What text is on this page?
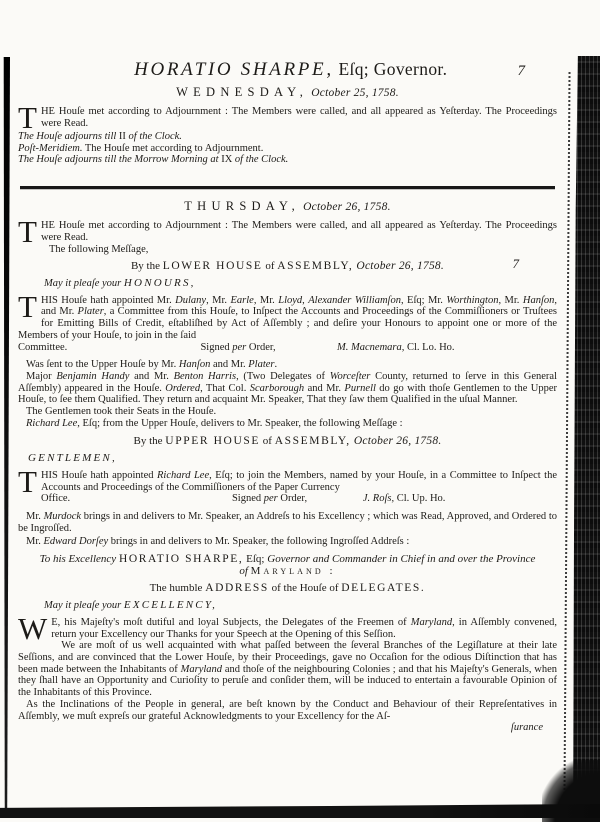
HORATIO SHARPE, Eſq; Governor.	7
WEDNESDAY, October 25, 1758.
THE Houſe met according to Adjournment : The Members were called, and all appeared as Yeſterday. The Proceedings were Read.
The Houſe adjourns till II of the Clock.
Poſt-Meridiem. The Houſe met according to Adjournment.
The Houſe adjourns till the Morrow Morning at IX of the Clock.
THURSDAY, October 26, 1758.
THE Houſe met according to Adjournment : The Members were called, and all appeared as Yeſterday. The Proceedings were Read.
The following Meſſage,
By the LOWER HOUSE of ASSEMBLY, October 26, 1758.	7
May it pleaſe your HONOURS,
THIS Houſe hath appointed Mr. Dulany, Mr. Earle, Mr. Lloyd, Alexander Williamſon, Eſq; Mr. Worthington, Mr. Hanſon, and Mr. Plater, a Committee from this Houſe, to Inſpect the Accounts and Proceedings of the Commiſſioners or Truſtees for Emitting Bills of Credit, eſtabliſhed by Act of Aſſembly ; and deſire your Honours to appoint one or more of the Members of your Houſe, to join in the ſaid
Committee.	Signed per Order,	M. Macnemara, Cl. Lo. Ho.
Was ſent to the Upper Houſe by Mr. Hanſon and Mr. Plater.
Major Benjamin Handy and Mr. Benton Harris, (Two Delegates of Worceſter County, returned to ſerve in this General Aſſembly) appeared in the Houſe. Ordered, That Col. Scarborough and Mr. Purnell do go with thoſe Gentlemen to the Upper Houſe, to ſee them Qualified. They return and acquaint Mr. Speaker, That they ſaw them Qualified in the uſual Manner.
The Gentlemen took their Seats in the Houſe.
Richard Lee, Eſq; from the Upper Houſe, delivers to Mr. Speaker, the following Meſſage :
By the UPPER HOUSE of ASSEMBLY, October 26, 1758.
GENTLEMEN,
THIS Houſe hath appointed Richard Lee, Eſq; to join the Members, named by your Houſe, in a Committee to Inſpect the Accounts and Proceedings of the Commiſſioners of the Paper Currency
Office.	Signed per Order,	J. Roſs, Cl. Up. Ho.
Mr. Murdock brings in and delivers to Mr. Speaker, an Addreſs to his Excellency ; which was Read, Approved, and Ordered to be Ingroſſed.
Mr. Edward Dorſey brings in and delivers to Mr. Speaker, the following Ingroſſed Addreſs :
To his Excellency HORATIO SHARPE, Eſq; Governor and Commander in Chief in and over the Province
of Maryland :
The humble ADDRESS of the Houſe of DELEGATES.
May it pleaſe your EXCELLENCY,
W E, his Majeſty's moſt dutiful and loyal Subjects, the Delegates of the Freemen of Maryland, in Aſſembly convened, return your Excellency our Thanks for your Speech at the Opening of this Seſſion.
We are moſt of us well acquainted with what paſſed between the ſeveral Branches of the Legiſlature at their late Seſſions, and are convinced that the Lower Houſe, by their Proceedings, gave no Occaſion for the odious Diſtinction that has been made between the Inhabitants of Maryland and thoſe of the neighbouring Colonies ; and that his Majeſty's Generals, when they ſhall have an Opportunity and Curioſity to peruſe and conſider them, will be induced to entertain a favourable Opinion of the Inhabitants of this Province.
As the Inclinations of the People in general, are beſt known by the Conduct and Behaviour of their Repreſentatives in Aſſembly, we muſt expreſs our grateful Acknowledgments to your Excellency for the Aſ-
ſurance
